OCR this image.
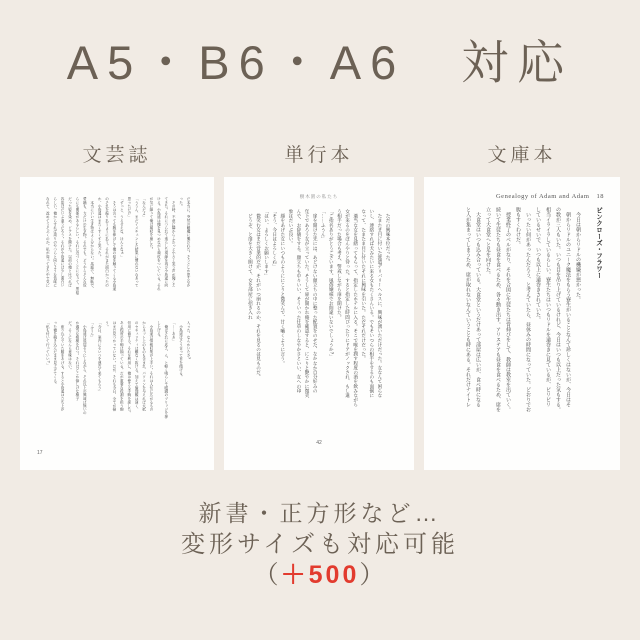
A5・B6・A6　対応
文芸誌	単行本	文庫本

だ本当に、突然の睡魔に襲われた。そうとしか思えなか

った。

　その時、不意に隣からふわっと小さく笑う声が聞こえ

てきた。それにつられて逸らした視線を再び小島遥に向

ける。小島遥は俺を見つめながら頬杖をついている。それ

が気に障って俺は頬杖を崩した。

「なんだよ」

「ううん、まだイメチェンした結果に慣れないなあって

思っただけ」

「ずっと、うるせえな、ほんとなぁ」

　そうは言っても腕を伸ばして俺の髪を触ってくる小島遥

のそれを振り払うように払う。それがまた面白かったの

か、小島遥はまたくすくすと笑った。

　本当にいい生き物はよく分からない。馬鹿で、無駄で、

愛嬌も、力だけの生き物。それでも、どうやらそんな奴

らにも関係があるらしい。それに近づくことになって、黒髪

だった髪を染め、ピアスを開けた。以前の俺と比べれば

容姿はだいぶ違うだろう。それが小島遥には少し面白い

らしい。俺からすれば周りのやつらと同じような色味に

なれて、改めてうそぶくのか。私が周ってきた中で気に

入った、なんかいたさ?

　小島遥はそう言って首を傾げる。

「……ああ」

　俺はそれに応え、ん、と軽く鳴らして眼鏡のブリッジを押

し上げる。

　小島遥は情報収集が上手い。それは人伝に広がるもの

からネット上のものも含まれ、パソコンを与えれば大抵

のセキュリティは難なく抜ける。加えて倫理観は薄く、

信用に値する。それを利用し、俺は使える手駒を探した。

ある程度の手駒は揃っている。だが重要な役割を担う駒

はまだ見つかっていない。だが、それも今日、全てが揃

う。

「今日、案内にそいつを連れて来てもらう」

「ふうん」

　小島遥は退屈そうにしながら、それ以上の興味は無いの

か適当な相槌を打つ。それはどこか愉しげな様子

だ。そこになんら意味はない。

　座り込んでいた腰をあげる。すると小島遥は立ち上が

った俺を覗き込んだまま見上げてくる。

「私も付いて行っていい?」

17
樹木園の私たち

　ただの興味本位だった。

　たまたま目に付いた派遣デリバリーヘルスに、興味が湧いただけだった。女なんて困らな

いし、連絡すれば犬みたいに来る女もたくさんいる。でもそいつらの相手をするのも面倒に

なって、たまたま目に付いたそれに興味を引いた。ただそれだけだった。

　適当な女を見繕ってもらって、指定したホテルに入る。そこで喉を潤す程度の酒を飲みながら

女が来るのをぼんやりと待った。すると指定した時間ぴったりにドアがノックされ、もし違

う相手だった場合も考え、警戒しながら扉を開けた。

「ご指名ありがとうございます。風俗嬢様でお間違いないでしょうか?」

「……ふうん」

　扉を開けた先には、あどけない顔立ちの中に整った配置をのせた、なかなか自分好みの

年下であろう女が立っていた。そうして扉が開かれ俺を確認すると、にこりと艶やかに微笑

んで、お辞儀をする。顔立ちも中々いい、そういった仕草のしなやかさといい、女への印

象はだいぶ良い。

　顔をあげた女にいつものようににこりと微笑んで、甘く囁くように言う。

「そう、今日はよろしくね」

「はい、よろしくお願いします」

　微笑む女はまだ営業的だが、それがいつ崩れるのか、それを見るのは見ものだ。

　どうぞ、と扉を大きく開けて、女を部屋に招き入れ

42
Genealogy of Adam and Adam　18

ピンクローズ・フラワー

　今日は朝からリドルの機嫌が悪かった。

　朝からリドルのユニーク魔法をもらう寮生がいることなんて珍しくはないが、今日はそ

の数が三人もいた。いつも目を吊り上げているけれど、今日はいつも以上だった気もする。

相当イライラしているらしい。寮生たちはいつもリドルを遠巻きに見ているが、ピリピリ

しているせいで、いつも以上に遠巻きされていた。

　いったい何があったんだろう、と考えていたら、昼休みの時間になっていた。どおりでお

腹もすくわけだ。

　授業終了のベルがなり、それを合図に生徒たちは背伸びをして、教師は教室を出ていく。

続いて生徒たちも昼食を食べるため、各々動き出す。アリステアも昼食を食べるため、席を

立って大食堂へと足を向けた。

　大食堂はいつも込み合っている。大食堂というだけあって部屋は広いが、食べ時になる

と人が集まってしまうため、席が取れないなんていうことも時にある。それだけナイトレ

新書・正方形など…
変形サイズも対応可能
（＋500）
